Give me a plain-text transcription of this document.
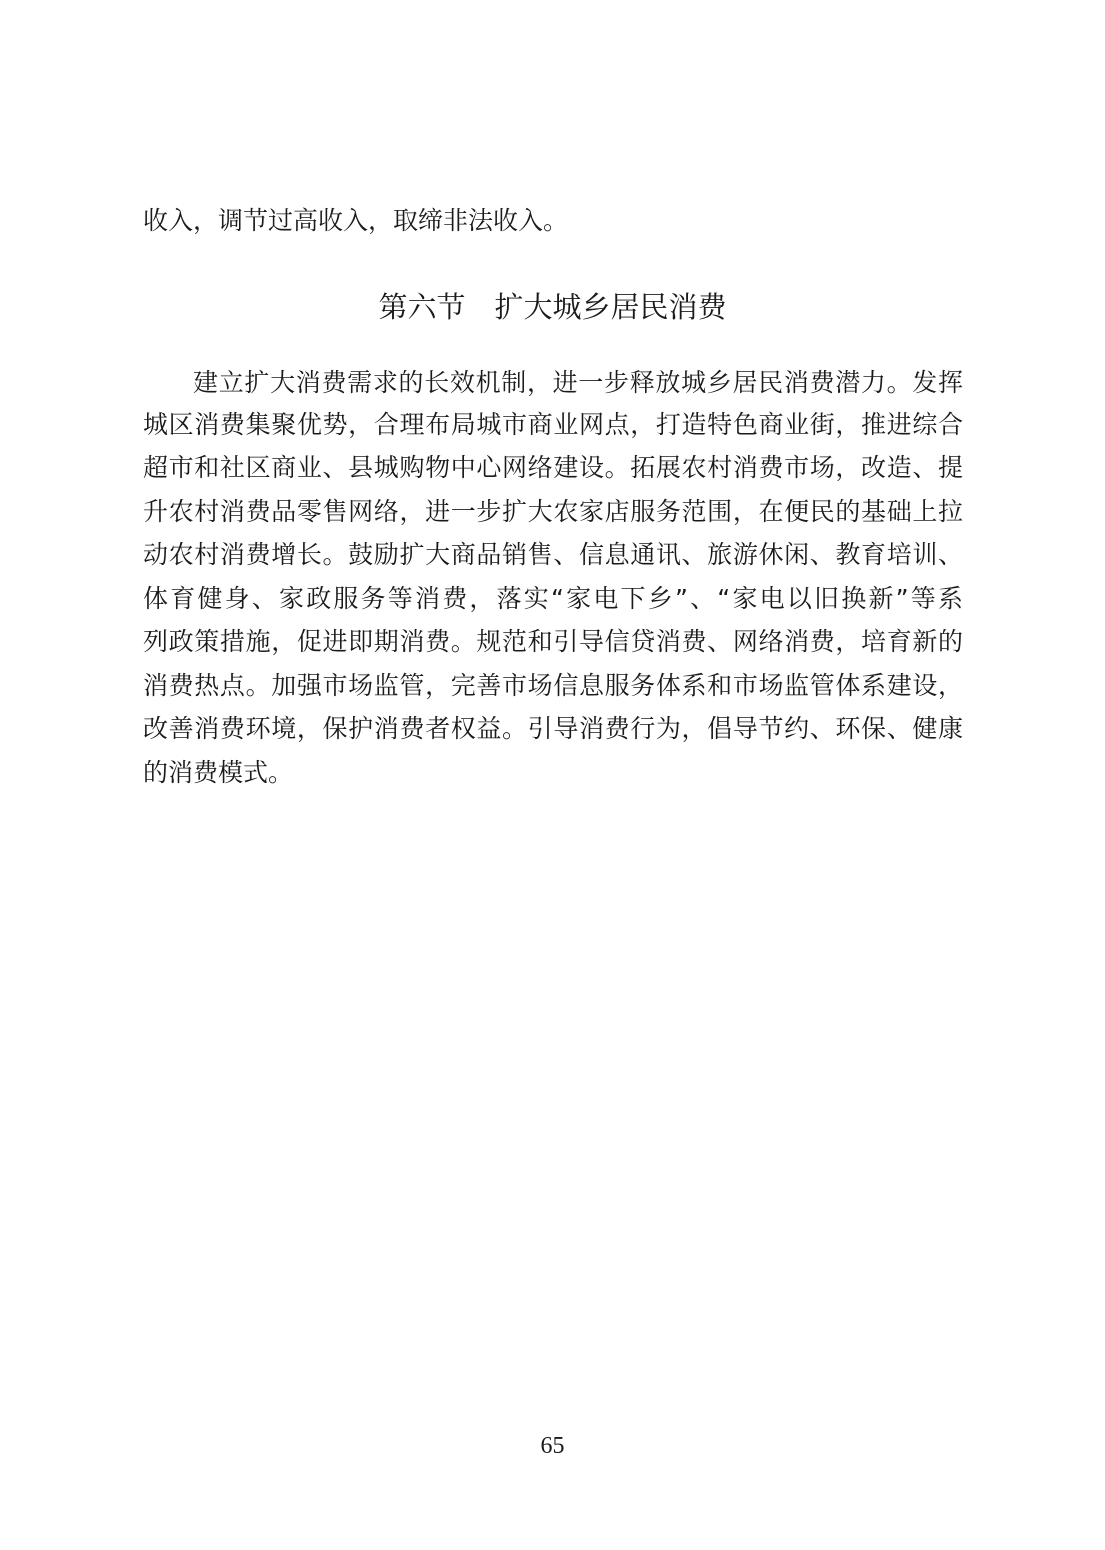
收入，调节过高收入，取缔非法收入。
第六节　扩大城乡居民消费
建立扩大消费需求的长效机制，进一步释放城乡居民消费潜力。发挥
城区消费集聚优势，合理布局城市商业网点，打造特色商业街，推进综合
超市和社区商业、县城购物中心网络建设。拓展农村消费市场，改造、提
升农村消费品零售网络，进一步扩大农家店服务范围，在便民的基础上拉
动农村消费增长。鼓励扩大商品销售、信息通讯、旅游休闲、教育培训、
体育健身、家政服务等消费，落实“家电下乡”、“家电以旧换新”等系
列政策措施，促进即期消费。规范和引导信贷消费、网络消费，培育新的
消费热点。加强市场监管，完善市场信息服务体系和市场监管体系建设，
改善消费环境，保护消费者权益。引导消费行为，倡导节约、环保、健康
的消费模式。
65
